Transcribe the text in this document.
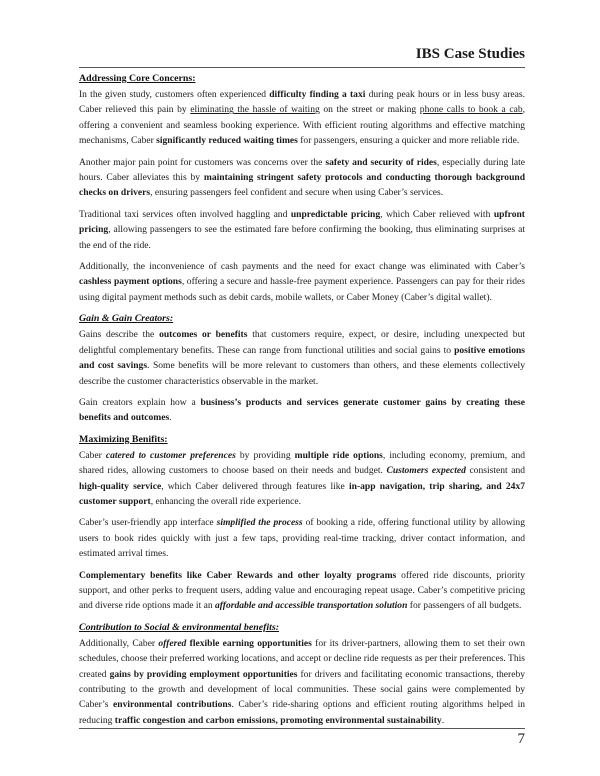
IBS Case Studies
Addressing Core Concerns:

In the given study, customers often experienced difficulty finding a taxi during peak hours or in less busy areas. Caber relieved this pain by eliminating the hassle of waiting on the street or making phone calls to book a cab, offering a convenient and seamless booking experience. With efficient routing algorithms and effective matching mechanisms, Caber significantly reduced waiting times for passengers, ensuring a quicker and more reliable ride.

Another major pain point for customers was concerns over the safety and security of rides, especially during late hours. Caber alleviates this by maintaining stringent safety protocols and conducting thorough background checks on drivers, ensuring passengers feel confident and secure when using Caber’s services.

Traditional taxi services often involved haggling and unpredictable pricing, which Caber relieved with upfront pricing, allowing passengers to see the estimated fare before confirming the booking, thus eliminating surprises at the end of the ride.

Additionally, the inconvenience of cash payments and the need for exact change was eliminated with Caber’s cashless payment options, offering a secure and hassle-free payment experience. Passengers can pay for their rides using digital payment methods such as debit cards, mobile wallets, or Caber Money (Caber’s digital wallet).

Gain & Gain Creators:

Gains describe the outcomes or benefits that customers require, expect, or desire, including unexpected but delightful complementary benefits. These can range from functional utilities and social gains to positive emotions and cost savings. Some benefits will be more relevant to customers than others, and these elements collectively describe the customer characteristics observable in the market.

Gain creators explain how a business’s products and services generate customer gains by creating these benefits and outcomes.

Maximizing Benifits:

Caber catered to customer preferences by providing multiple ride options, including economy, premium, and shared rides, allowing customers to choose based on their needs and budget. Customers expected consistent and high-quality service, which Caber delivered through features like in-app navigation, trip sharing, and 24x7 customer support, enhancing the overall ride experience.

Caber’s user-friendly app interface simplified the process of booking a ride, offering functional utility by allowing users to book rides quickly with just a few taps, providing real-time tracking, driver contact information, and estimated arrival times.

Complementary benefits like Caber Rewards and other loyalty programs offered ride discounts, priority support, and other perks to frequent users, adding value and encouraging repeat usage. Caber’s competitive pricing and diverse ride options made it an affordable and accessible transportation solution for passengers of all budgets.

Contribution to Social & environmental benefits:

Additionally, Caber offered flexible earning opportunities for its driver-partners, allowing them to set their own schedules, choose their preferred working locations, and accept or decline ride requests as per their preferences. This created gains by providing employment opportunities for drivers and facilitating economic transactions, thereby contributing to the growth and development of local communities. These social gains were complemented by Caber’s environmental contributions. Caber’s ride-sharing options and efficient routing algorithms helped in reducing traffic congestion and carbon emissions, promoting environmental sustainability.

7
